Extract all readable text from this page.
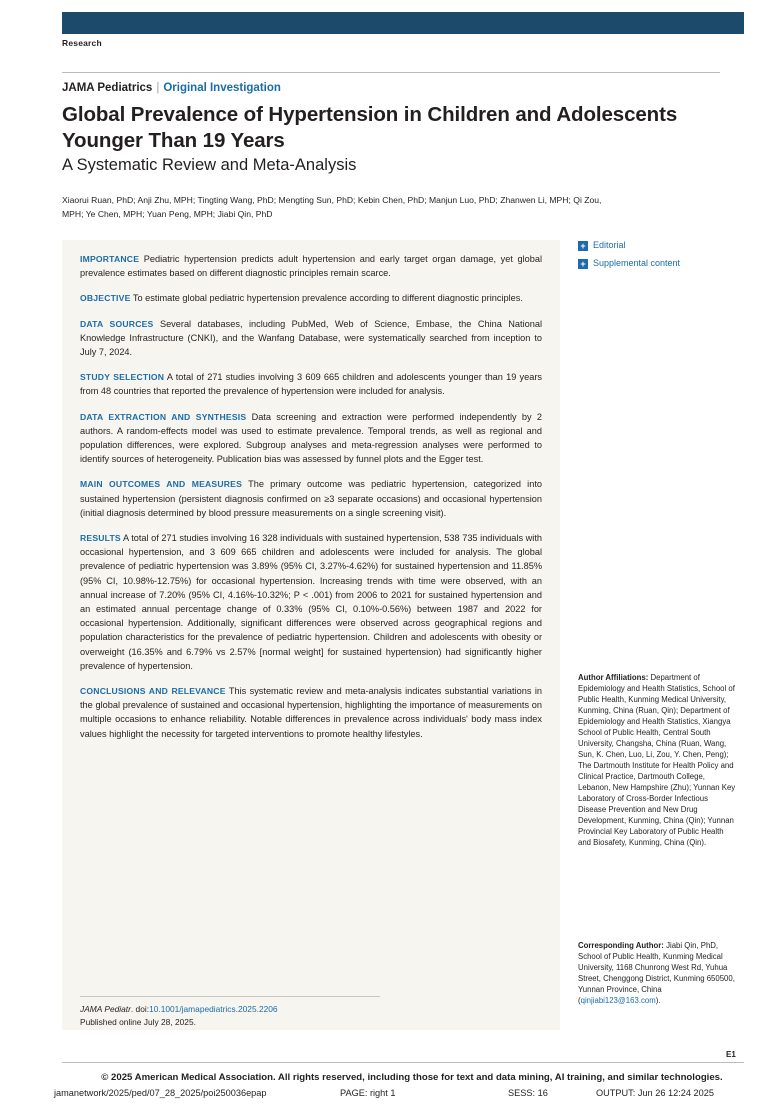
Research
JAMA Pediatrics | Original Investigation
Global Prevalence of Hypertension in Children and Adolescents Younger Than 19 Years
A Systematic Review and Meta-Analysis
Xiaorui Ruan, PhD; Anji Zhu, MPH; Tingting Wang, PhD; Mengting Sun, PhD; Kebin Chen, PhD; Manjun Luo, PhD; Zhanwen Li, MPH; Qi Zou, MPH; Ye Chen, MPH; Yuan Peng, MPH; Jiabi Qin, PhD
IMPORTANCE Pediatric hypertension predicts adult hypertension and early target organ damage, yet global prevalence estimates based on different diagnostic principles remain scarce.
OBJECTIVE To estimate global pediatric hypertension prevalence according to different diagnostic principles.
DATA SOURCES Several databases, including PubMed, Web of Science, Embase, the China National Knowledge Infrastructure (CNKI), and the Wanfang Database, were systematically searched from inception to July 7, 2024.
STUDY SELECTION A total of 271 studies involving 3 609 665 children and adolescents younger than 19 years from 48 countries that reported the prevalence of hypertension were included for analysis.
DATA EXTRACTION AND SYNTHESIS Data screening and extraction were performed independently by 2 authors. A random-effects model was used to estimate prevalence. Temporal trends, as well as regional and population differences, were explored. Subgroup analyses and meta-regression analyses were performed to identify sources of heterogeneity. Publication bias was assessed by funnel plots and the Egger test.
MAIN OUTCOMES AND MEASURES The primary outcome was pediatric hypertension, categorized into sustained hypertension (persistent diagnosis confirmed on ≥3 separate occasions) and occasional hypertension (initial diagnosis determined by blood pressure measurements on a single screening visit).
RESULTS A total of 271 studies involving 16 328 individuals with sustained hypertension, 538 735 individuals with occasional hypertension, and 3 609 665 children and adolescents were included for analysis. The global prevalence of pediatric hypertension was 3.89% (95% CI, 3.27%-4.62%) for sustained hypertension and 11.85% (95% CI, 10.98%-12.75%) for occasional hypertension. Increasing trends with time were observed, with an annual increase of 7.20% (95% CI, 4.16%-10.32%; P < .001) from 2006 to 2021 for sustained hypertension and an estimated annual percentage change of 0.33% (95% CI, 0.10%-0.56%) between 1987 and 2022 for occasional hypertension. Additionally, significant differences were observed across geographical regions and population characteristics for the prevalence of pediatric hypertension. Children and adolescents with obesity or overweight (16.35% and 6.79% vs 2.57% [normal weight] for sustained hypertension) had significantly higher prevalence of hypertension.
CONCLUSIONS AND RELEVANCE This systematic review and meta-analysis indicates substantial variations in the global prevalence of sustained and occasional hypertension, highlighting the importance of measurements on multiple occasions to enhance reliability. Notable differences in prevalence across individuals' body mass index values highlight the necessity for targeted interventions to promote healthy lifestyles.
JAMA Pediatr. doi:10.1001/jamapediatrics.2025.2206
Published online July 28, 2025.
+ Editorial
+ Supplemental content
Author Affiliations: Department of Epidemiology and Health Statistics, School of Public Health, Kunming Medical University, Kunming, China (Ruan, Qin); Department of Epidemiology and Health Statistics, Xiangya School of Public Health, Central South University, Changsha, China (Ruan, Wang, Sun, K. Chen, Luo, Li, Zou, Y. Chen, Peng); The Dartmouth Institute for Health Policy and Clinical Practice, Dartmouth College, Lebanon, New Hampshire (Zhu); Yunnan Key Laboratory of Cross-Border Infectious Disease Prevention and New Drug Development, Kunming, China (Qin); Yunnan Provincial Key Laboratory of Public Health and Biosafety, Kunming, China (Qin).
Corresponding Author: Jiabi Qin, PhD, School of Public Health, Kunming Medical University, 1168 Chunrong West Rd, Yuhua Street, Chenggong District, Kunming 650500, Yunnan Province, China (qinjiabi123@163.com).
E1
© 2025 American Medical Association. All rights reserved, including those for text and data mining, AI training, and similar technologies.
jamanetwork/2025/ped/07_28_2025/poi250036epap	PAGE: right 1	SESS: 16	OUTPUT: Jun 26 12:24 2025
